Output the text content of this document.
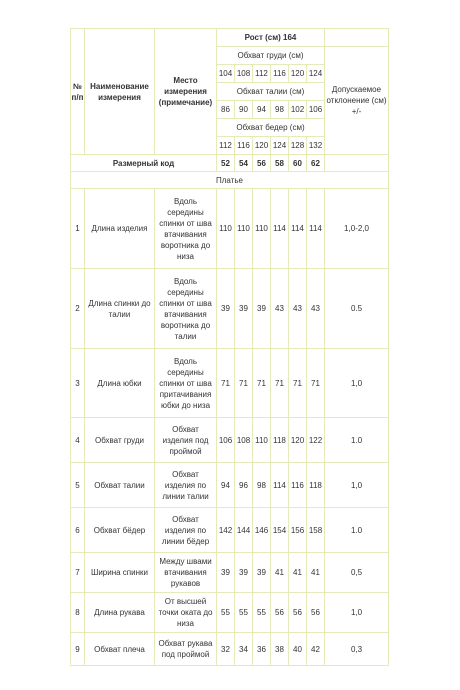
№ п/п	Наименование измерения	Место измерения (примечание)	Рост (см) 164						
			Обхват груди (см)						Допускаемое отклонение (см) +/-
			104	108	112	116	120	124	
			Обхват талии (см)						
			86	90	94	98	102	106	
			Обхват бедер (см)						
			112	116	120	124	128	132	
Размерный код			52	54	56	58	60	62	
Платье									
1	Длина изделия	Вдоль середины спинки от шва втачивания воротника до низа	110	110	110	114	114	114	1,0-2,0
2	Длина спинки до талии	Вдоль середины спинки от шва втачивания воротника до талии	39	39	39	43	43	43	0.5
3	Длина юбки	Вдоль середины спинки от шва притачивания юбки до низа	71	71	71	71	71	71	1,0
4	Обхват груди	Обхват изделия под проймой	106	108	110	118	120	122	1.0
5	Обхват талии	Обхват изделия по линии талии	94	96	98	114	116	118	1,0
6	Обхват бёдер	Обхват изделия по линии бёдер	142	144	146	154	156	158	1.0
7	Ширина спинки	Между швами втачивания рукавов	39	39	39	41	41	41	0,5
8	Длина рукава	От высшей точки оката до низа	55	55	55	56	56	56	1,0
9	Обхват плеча	Обхват рукава под проймой	32	34	36	38	40	42	0,3
